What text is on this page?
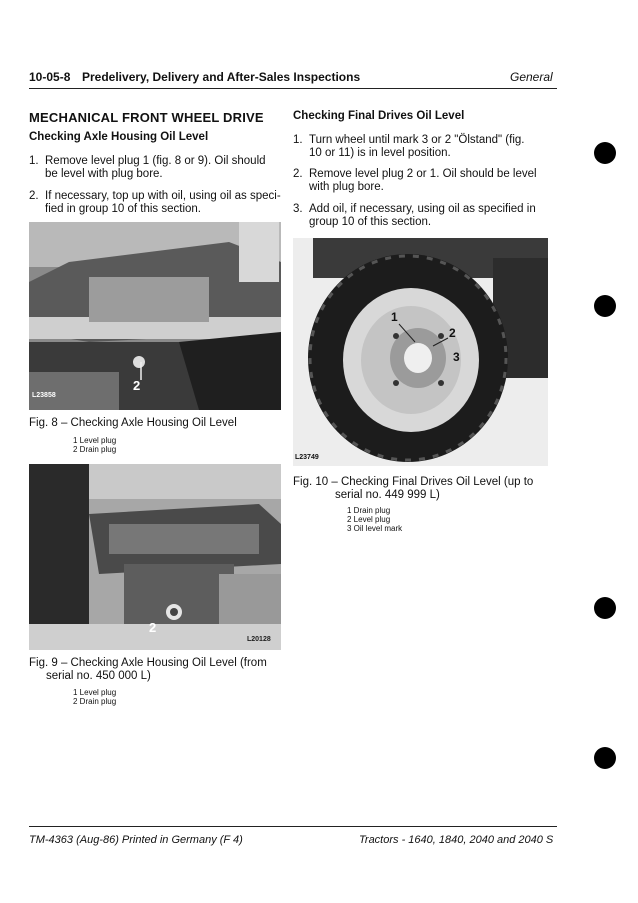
10-05-8 Predelivery, Delivery and After-Sales Inspections	General
MECHANICAL FRONT WHEEL DRIVE
Checking Axle Housing Oil Level
1. Remove level plug 1 (fig. 8 or 9). Oil should
be level with plug bore.
2. If necessary, top up with oil, using oil as speci-
fied in group 10 of this section.
2
L23858
Fig. 8 – Checking Axle Housing Oil Level
1 Level plug
2 Drain plug
2
L20128
Fig. 9 – Checking Axle Housing Oil Level (from
serial no. 450 000 L)
1 Level plug
2 Drain plug
Checking Final Drives Oil Level
1. Turn wheel until mark 3 or 2 "Ölstand" (fig.
10 or 11) is in level position.
2. Remove level plug 2 or 1. Oil should be level
with plug bore.
3. Add oil, if necessary, using oil as specified in
group 10 of this section.
1
2
3
L23749
Fig. 10 – Checking Final Drives Oil Level (up to
serial no. 449 999 L)
1 Drain plug
2 Level plug
3 Oil level mark
TM-4363 (Aug-86) Printed in Germany (F 4)	Tractors - 1640, 1840, 2040 and 2040 S
